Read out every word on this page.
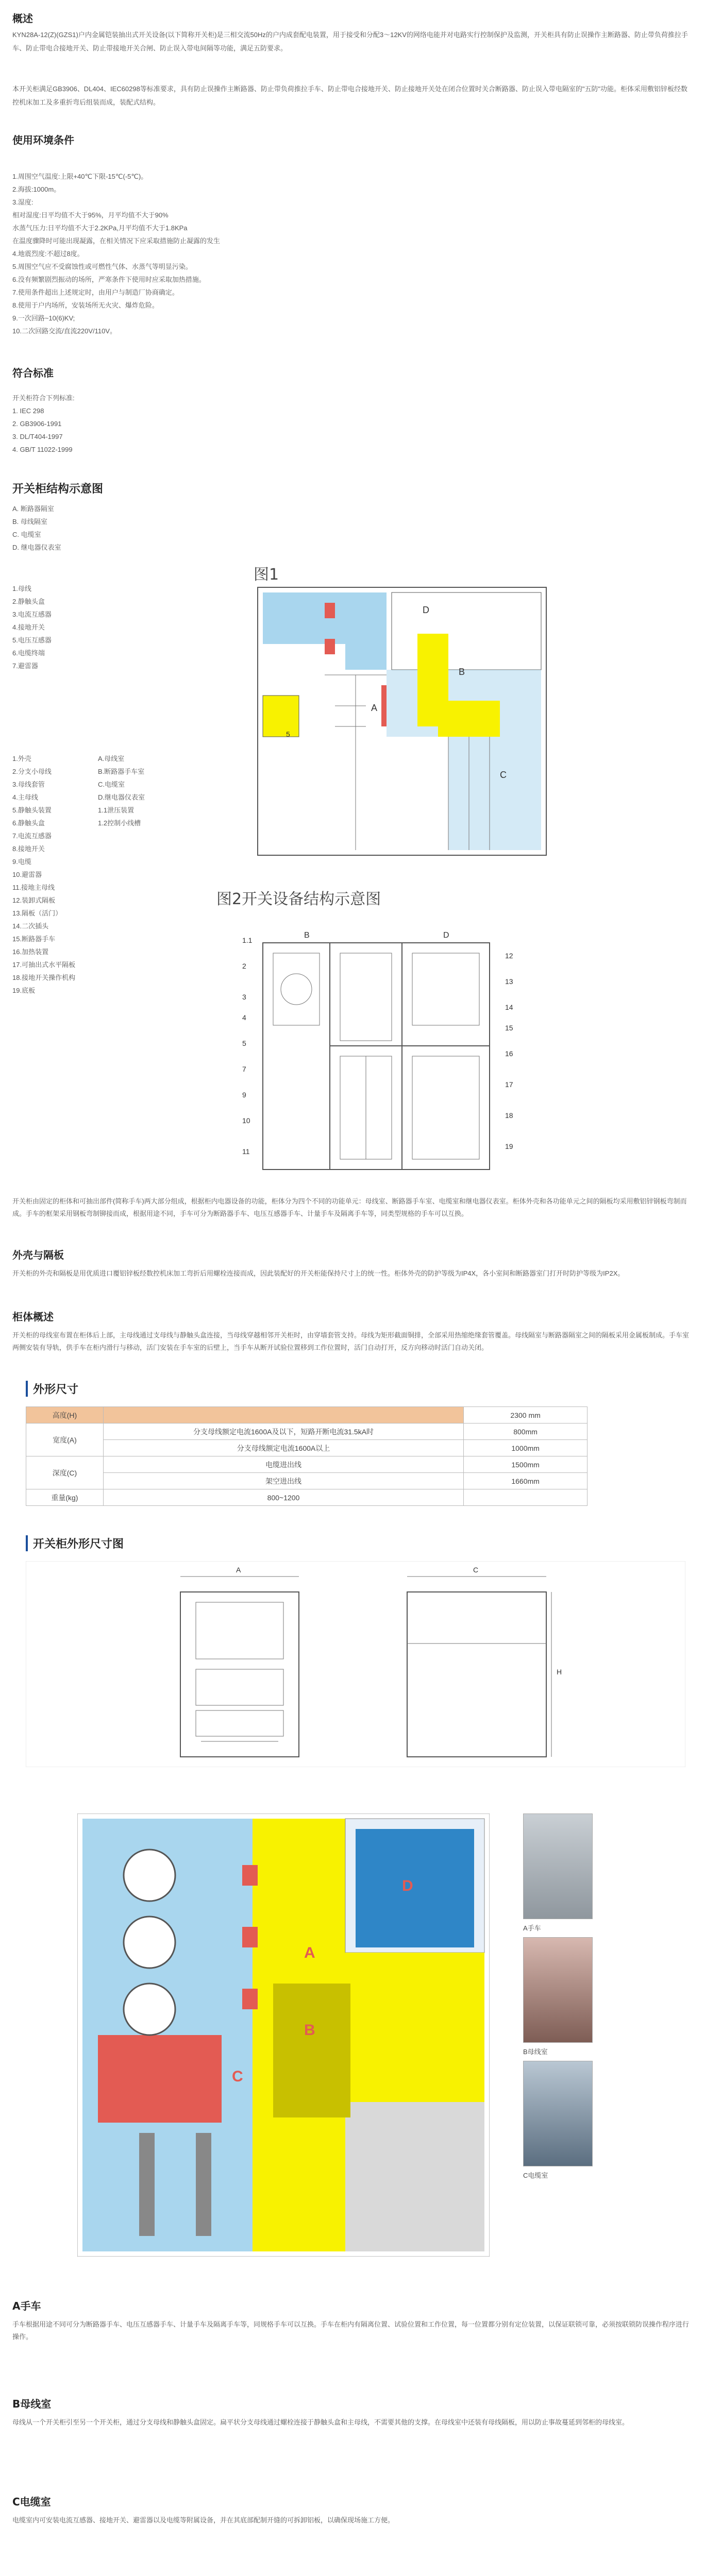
概述
KYN28A-12(Z)(GZS1)户内金属铠装抽出式开关设备(以下简称开关柜)是三相交流50Hz的户内成套配电装置，用于接受和分配3～12KV的网络电能并对电路实行控制保护及监测，开关柜具有防止误操作主断路器、防止带负荷推拉手车、防止带电合接地开关、防止带接地开关合闸、防止误入带电间隔等功能，满足五防要求。
本开关柜满足GB3906、DL404、IEC60298等标准要求，具有防止误操作主断路器、防止带负荷推拉手车、防止带电合接地开关、防止接地开关处在闭合位置时关合断路器、防止误入带电隔室的"五防"功能。柜体采用敷铝锌板经数控机床加工及多重折弯后组装而成，装配式结构。
使用环境条件
1.周围空气温度:上限+40℃下限-15℃(-5℃)。
2.海拔:1000m。
3.湿度:
相对湿度:日平均值不大于95%，月平均值不大于90%
水蒸气压力:日平均值不大于2.2KPa,月平均值不大于1.8KPa
在温度骤降时可能出现凝露，在相关情况下应采取措施防止凝露的发生
4.地震烈度:不超过8度。
5.周围空气应不受腐蚀性或可燃性气体、水蒸气等明显污染。
6.没有频繁剧烈振动的场所，严寒条件下使用时应采取加热措施。
7.使用条件超出上述规定时，由用户与制造厂协商确定。
8.使用于户内场所，安装场所无火灾、爆炸危险。
9.一次回路~10(6)KV;
10.二次回路交流/直流220V/110V。
符合标准
开关柜符合下列标准:
1. IEC 298
2. GB3906-1991
3. DL/T404-1997
4. GB/T 11022-1999
开关柜结构示意图
A. 断路器隔室
B. 母线隔室
C. 电缆室
D. 继电器仪表室
1.母线
2.静触头盒
3.电流互感器
4.接地开关
5.电压互感器
6.电缆终端
7.避雷器
1.外壳
2.分支小母线
3.母线套管
4.主母线
5.静触头装置
6.静触头盒
7.电流互感器
8.接地开关
9.电缆
10.避雷器
11.接地主母线
12.装卸式隔板
13.隔板（活门）
14.二次插头
15.断路器手车
16.加热装置
17.可抽出式水平隔板
18.接地开关操作机构
19.底板
A.母线室
B.断路器手车室
C.电缆室
D.继电器仪表室
1.1泄压装置
1.2控制小线槽
图1
D
A
C
B
5
图2开关设备结构示意图
1.1
2
3
4
5
7
9
10
11
12
13
14
15
16
17
18
19
D
B
开关柜由固定的柜体和可抽出部件(简称手车)两大部分组成，根据柜内电器设备的功能，柜体分为四个不同的功能单元：母线室、断路器手车室、电缆室和继电器仪表室。柜体外壳和各功能单元之间的隔板均采用敷铝锌钢板弯制而成。手车的框架采用钢板弯制铆接而成，根据用途不同，手车可分为断路器手车、电压互感器手车、计量手车及隔离手车等，同类型规格的手车可以互换。
外壳与隔板
开关柜的外壳和隔板是用优质进口覆铝锌板经数控机床加工弯折后用螺栓连接而成，因此装配好的开关柜能保持尺寸上的统一性。柜体外壳的防护等级为IP4X，各小室间和断路器室门打开时防护等级为IP2X。
柜体概述
开关柜的母线室布置在柜体后上部，主母线通过支母线与静触头盒连接，当母线穿越相邻开关柜时，由穿墙套管支持。母线为矩形截面铜排，全部采用热缩绝缘套管覆盖。母线隔室与断路器隔室之间的隔板采用金属板制成。手车室两侧安装有导轨，供手车在柜内滑行与移动，活门安装在手车室的后壁上，当手车从断开试验位置移到工作位置时，活门自动打开，反方向移动时活门自动关闭。
外形尺寸
高度(H)		2300 mm
宽度(A)	分支母线额定电流1600A及以下，短路开断电流31.5kA时	800mm
	分支母线额定电流1600A以上	1000mm
深度(C)	电缆进出线	1500mm
	架空进出线	1660mm
重量(kg)	800~1200	
开关柜外形尺寸图
A	C
H
D
A
B
C
A手车
B母线室
C电缆室
A手车
手车根据用途不同可分为断路器手车、电压互感器手车、计量手车及隔离手车等，同规格手车可以互换。手车在柜内有隔离位置、试验位置和工作位置，每一位置都分别有定位装置，以保证联锁可靠，必须按联锁防误操作程序进行操作。
B母线室
母线从一个开关柜引至另一个开关柜，通过分支母线和静触头盒固定。扁平状分支母线通过螺栓连接于静触头盒和主母线，不需要其他的支撑。在母线室中还装有母线隔板，用以防止事故蔓延到邻柜的母线室。
C电缆室
电缆室内可安装电流互感器、接地开关、避雷器以及电缆等附属设备，并在其底部配制开缝的可拆卸铝板，以确保现场施工方便。
